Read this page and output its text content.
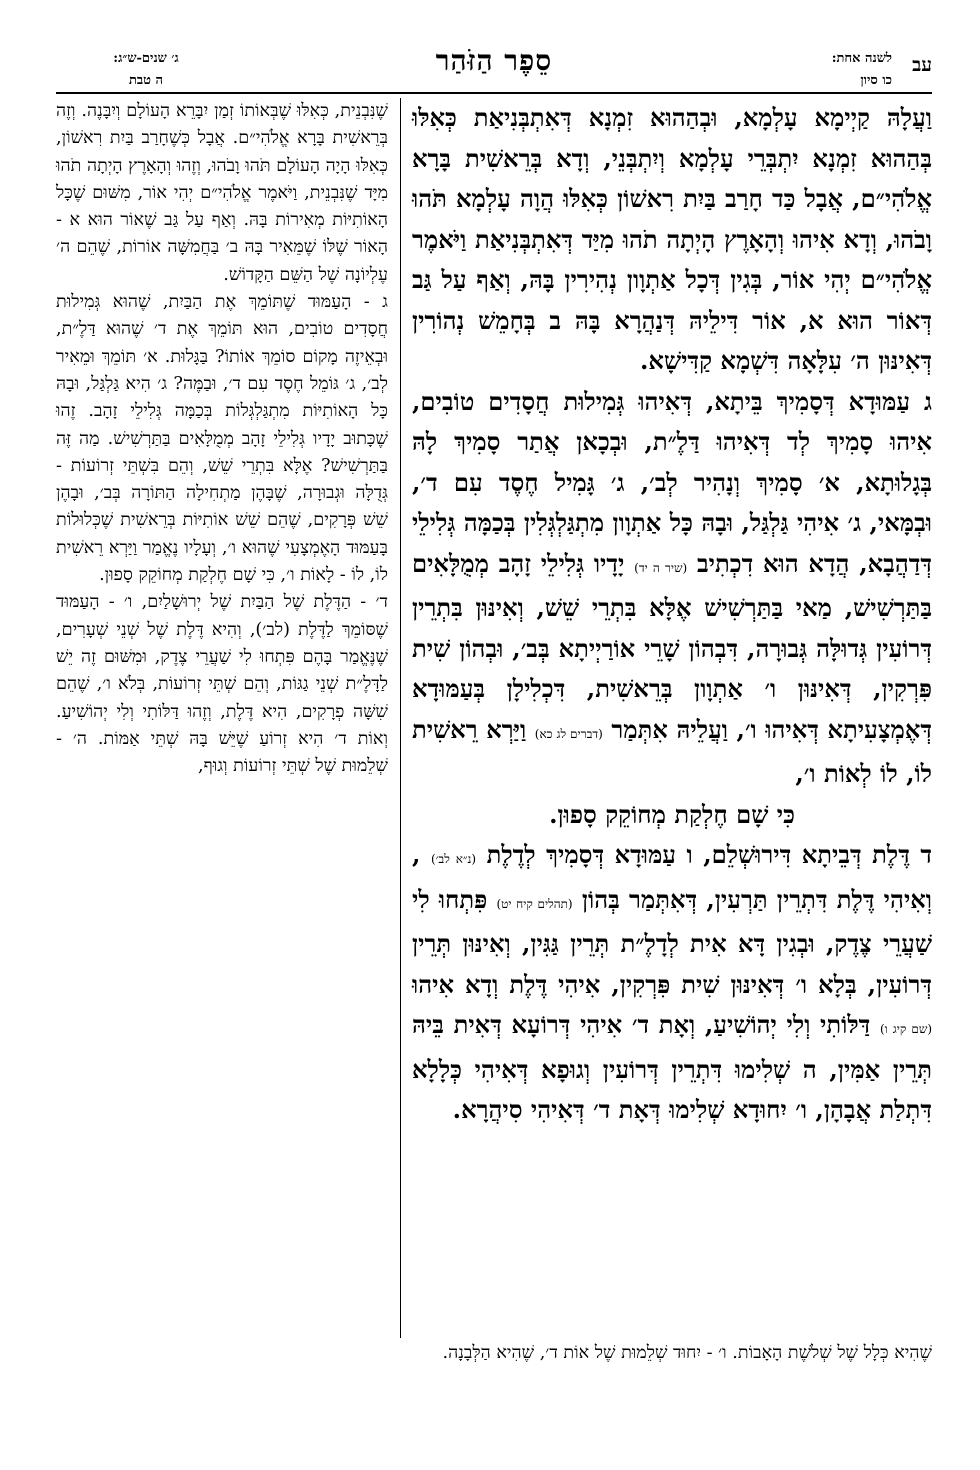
עב
לשנה אחת:
כו סיון
סֵפֶר הַזֹּהַר
ג׳ שנים-ש״ג:
ה טבת

וַעֲלָהּ קַיְימָא עָלְמָא, וּבְהַהוּא זִמְנָא דְּאִתְבְּנִיאַת כְּאִלּוּ בְּהַהוּא זִמְנָא יִתְבְּרֵי עָלְמָא וְיִתְבְּנֵי, וְדָא בְּרֵאשִׁית בָּרָא אֱלֹהִי״ם, אֲבָל כַּד חָרַב בַּיִת רִאשׁוֹן כְּאִלּוּ הֲוָה עָלְמָא תֹּהוּ וָבֹהוּ, וְדָא אִיהוּ וְהָאָרֶץ הָיְתָה תֹהוּ מִיַּד דְּאִתְבְּנִיאַת וַיֹּאמֶר אֱלֹהִי״ם יְהִי אוֹר, בְּגִין דְּכָל אַתְוָון נְהִירִין בָּהּ, וְאַף עַל גַּב דְּאוֹר הוּא א, אוֹר דִּילֵיהּ דְּנַהֲרָא בָּהּ ב בְּחָמֵשׁ נְהוֹרִין דְּאִינּוּן ה׳ עִלָּאָה דִּשְׁמָא קַדִּישָׁא.

ג עַמּוּדָא דְּסָמִיךְ בֵּיתָא, דְּאִיהוּ גְּמִילוּת חֲסָדִים טוֹבִים, אִיהוּ סָמִיךְ לְד דְּאִיהוּ דַּלֶ״ת, וּבְכָאן אֲתַר סָמִיךְ לָהּ בְּגָלוּתָא, א׳ סָמִיךְ וְנָהִיר לְב׳, ג׳ גָּמִיל חֶסֶד עִם ד׳, וּבְמָּאי, ג׳ אִיהִי גַּלְגַּל, וּבָהּ כָּל אַתְוָון מִתְגַּלְגְּלִין בְּכַמָּה גְּלִילֵי דְּדַהֲבָא, הֲדָא הוּא דִכְתִיב (שיר ה יד) יָדָיו גְּלִילֵי זָהָב מְמֻלָּאִים בַּתַּרְשִׁישׁ, מַאי בַּתַּרְשִׁישׁ אֶלָּא בִּתְרֵי שֵׁשׁ, וְאִינּוּן בִּתְרֵין דְּרוֹעִין גְּדוּלָּה גְּבוּרָה, דִּבְהוֹן שָׁרֵי אוֹרַיְיתָא בְּב׳, וּבְהוֹן שִׁית פִּרְקִין, דְּאִינּוּן ו׳ אַתְוָון בְּרֵאשִׁית, דִּכְלִילָן בְּעַמּוּדָא דְּאֶמְצָעִיתָא דְּאִיהוּ ו׳, וַעֲלֵיהּ אִתְּמַר (דברים לג כא) וַיַּרְא רֵאשִׁית לוֹ, לוֹ לְאוֹת ו׳,

כִּי שָׁם חֶלְקַת מְחוֹקֵק סָפוּן.

ד דֶּלֶת דְּבֵיתָא דִּירוּשְׁלֵם, ו עַמּוּדָא דְּסָמִיךְ לְדֶלֶת (נ״א לב׳) , וְאִיהִי דֶּלֶת דִּתְרֵין תַּרְעִין, דְּאִתְּמַר בְּהוֹן (תהלים קיח יט) פִּתְחוּ לִי שַׁעֲרֵי צֶדֶק, וּבְגִין דָּא אִית לְדָלֶ״ת תְּרֵין גַּגִּין, וְאִינּוּן תְּרֵין דְּרוֹעִין, בְּלָא ו׳ דְּאִינּוּן שִׁית פִּרְקִין, אִיהִי דֶּלֶת וְדָא אִיהוּ (שם קיג ו) דַּלּוֹתִי וְלִי יְהוֹשִׁיעַ, וְאָת ד׳ אִיהִי דְּרוֹעָא דְּאִית בֵּיהּ תְּרֵין אַמִּין, ה שְׁלִימוּ דִּתְרֵין דְּרוֹעִין וְגוּפָא דְּאִיהִי כְּלָלָא דִּתְלַת אֲבָהָן, ו׳ יִחוּדָא שְׁלִימוּ דְּאָת ד׳ דְּאִיהִי סִיהֲרָא.

שֶׁנִּבְנֵית, כְּאִלּוּ שֶׁבְּאוֹתוֹ זְמַן יִבָּרֵא הָעוֹלָם וְיִבָּנֶה. וְזֶה בְּרֵאשִׁית בָּרָא אֱלֹהִי״ם. אֲבָל כְּשֶׁחָרַב בַּיִת רִאשׁוֹן, כְּאִלּוּ הָיָה הָעוֹלָם תֹּהוּ וָבֹהוּ, וְזֶהוּ וְהָאָרֶץ הָיְתָה תֹהוּ מִיָּד שֶׁנִּבְנֵית, וַיֹּאמֶר אֱלֹהִי״ם יְהִי אוֹר, מִשּׁוּם שֶׁכָּל הָאוֹתִיּוֹת מְאִירוֹת בָּהּ. וְאַף עַל גַּב שֶׁאוֹר הוּא א - הָאוֹר שֶׁלּוֹ שֶׁמֵּאִיר בָּהּ ב׳ בַּחֲמִשָּׁה אוֹרוֹת, שֶׁהֵם ה׳ עֶלְיוֹנָה שֶׁל הַשֵּׁם הַקָּדוֹשׁ.

ג - הָעַמּוּד שֶׁתּוֹמֵךְ אֶת הַבַּיִת, שֶׁהוּא גְּמִילוּת חֲסָדִים טוֹבִים, הוּא תּוֹמֵךְ אֶת ד׳ שֶׁהוּא דַּלֶ״ת, וּבְאֵיזֶה מָקוֹם סוֹמֵךְ אוֹתוֹ? בַּגָּלוּת. א׳ תּוֹמֵךְ וּמֵאִיר לְב׳, ג׳ גּוֹמֵל חֶסֶד עִם ד׳, וּבַמֶּה? ג׳ הִיא גַּלְגַּל, וּבָהּ כָּל הָאוֹתִיּוֹת מִתְגַּלְגְּלוֹת בְּכַמָּה גְּלִילֵי זָהָב. זֶהוּ שֶׁכָּתוּב יָדָיו גְּלִילֵי זָהָב מְמֻלָּאִים בַּתַּרְשִׁישׁ. מַה זֶּה בַּתַּרְשִׁישׁ? אֶלָּא בִּתְרֵי שֵׁשׁ, וְהֵם בִּשְׁתֵּי זְרוֹעוֹת - גְּדֻלָּה וּגְבוּרָה, שֶׁבָּהֶן מַתְחִילָה הַתּוֹרָה בְּב׳, וּבָהֶן שֵׁשׁ פְּרָקִים, שֶׁהֵם שֵׁשׁ אוֹתִיּוֹת בְּרֵאשִׁית שֶׁכְּלוּלוֹת בָּעַמּוּד הָאֶמְצָעִי שֶׁהוּא ו׳, וְעָלָיו נֶאֱמַר וַיַּרְא רֵאשִׁית לוֹ, לוֹ - לָאוֹת ו׳, כִּי שָׁם חֶלְקַת מְחוֹקֵק סָפוּן.

ד׳ - הַדֶּלֶת שֶׁל הַבַּיִת שֶׁל יְרוּשָׁלַיִם, ו׳ - הָעַמּוּד שֶׁסּוֹמֵךְ לַדֶּלֶת (לב׳), וְהִיא דֶּלֶת שֶׁל שְׁנֵי שְׁעָרִים, שֶׁנֶּאֱמַר בָּהֶם פִּתְחוּ לִי שַׁעֲרֵי צֶדֶק, וּמִשּׁוּם זֶה יֵשׁ לַדָּלֶ״ת שְׁנֵי גַגּוֹת, וְהֵם שְׁתֵּי זְרוֹעוֹת, בְּלֹא ו׳, שֶׁהֵם שִׁשָּׁה פְרָקִים, הִיא דֶּלֶת, וְזֶהוּ דַּלּוֹתִי וְלִי יְהוֹשִׁיעַ. וְאוֹת ד׳ הִיא זְרוֹעַ שֶׁיֵּשׁ בָּהּ שְׁתֵּי אַמּוֹת. ה׳ - שְׁלֵמוּת שֶׁל שְׁתֵּי זְרוֹעוֹת וְגוּף,

שֶׁהִיא כְּלָל שֶׁל שְׁלֹשֶׁת הָאָבוֹת. ו׳ - יִחוּד שְׁלֵמוּת שֶׁל אוֹת ד׳, שֶׁהִיא הַלְּבָנָה.
